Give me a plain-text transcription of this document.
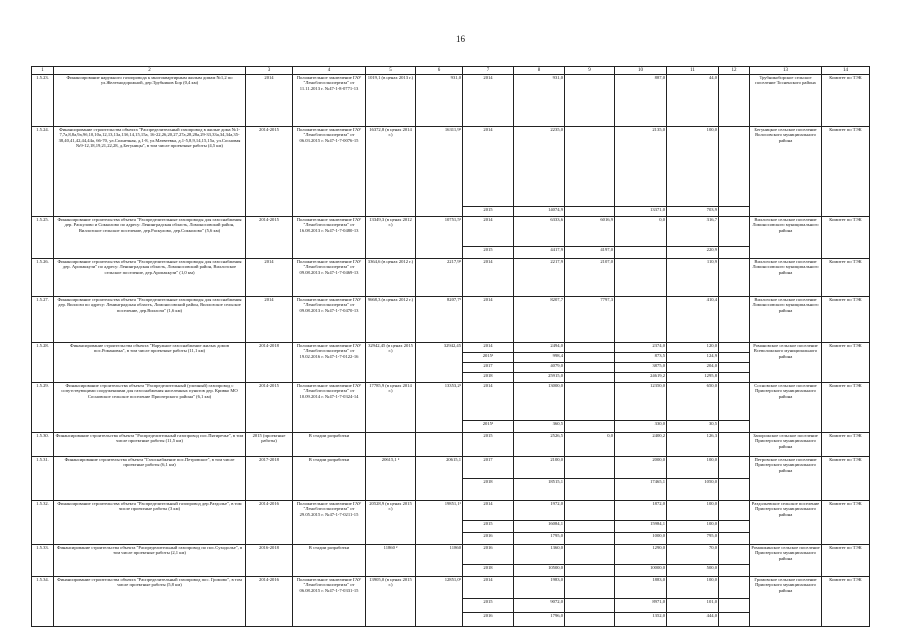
16
1	2	3	4	5	6	7	8	9	10	11	12	13	14
1.5.23.	Финансирование наружного газопровода к многоквартирным жилым домам №1,2 по ул.Железнодорожной, дер.Трубников Бор (0,4 км)	2014	Положительное заключение ГАУ "Леноблгосэкспертиза" от 11.11.2013 г. №47-1-8-0771-13	1019,1 (в ценах 2013 г.)	931,0	2014	931,0		887,0	44,0		Трубникоборское сельское поселение Тосненского района	Комитет по ТЭК
1.5.24.	Финансирование строительства объекта "Распределительный газопровод в жилые дома №1-7,7а,8,8а,9а,9б,10,10а,12,13,13а,13б,14,15,15а, 16-22,26,20,27,27а,28,28а,29-33,33а,34,34а,35-38,40,41,42,44,44а, 66-70, ул.Солнечная, д.1-8, ул.Матвеевка, д.1-5,8,9,14,15,15а, ул.Сосновая №9-12,18,19,21,22,28, д.Бегуницы", в том числе проектные работы (4,5 км)	2014-2015	Положительное заключение ГАУ "Леноблгосэкспертиза" от 06.03.2015 г. №47-1-7-0076-15	16372,8 (в ценах 2014 г.)	16311,9³	2014	2235,0		2135,0	100,0		Бегуницкое сельское поселение Волосовского муниципального района	Комитет по ТЭК
						2015	14074,9		13371,0	703,9			
1.5.25.	Финансирование строительства объекта "Распределительные газопроводы для газоснабжения дер. Раскулово и Сокколово по адресу: Ленинградская область, Ломоносовский район, Виллозское сельское поселение, дер.Раскулово, дер.Сокколово" (5,6 км)	2014-2015	Положительное заключение ГАУ "Леноблгосэкспертиза" от 16.08.2013 г. №47-1-7-0480-13	13349,3 (в ценах 2012 г.)	10751,5³	2014	6333,6	6016,9	0,0	316,7		Виллозское сельское поселение Ломоносовского муниципального района	Комитет по ТЭК
						2015	4417,9	4197,0		220,9			
1.5.26.	Финансирование строительства объекта "Распределительные газопроводы для газоснабжения дер. Аропаккузи" по адресу: Ленинградская область, Ломоносовский район, Виллозское сельское поселение, дер.Аропаккузи" (1,0 км)	2014	Положительное заключение ГАУ "Леноблгосэкспертиза" от 09.08.2013 г. №47-1-7-0469-13	3364,6 (в ценах 2012 г.)	2217,9³	2014	2217,9	2107,0		110,9		Виллозское сельское поселение Ломоносовского муниципального района	Комитет по ТЭК
1.5.27.	Финансирование строительства объекта "Распределительные газопроводы для газоснабжения дер. Виллози по адресу: Ленинградская область, Ломоносовский район, Виллозское сельское поселение, дер.Виллози" (1,6 км)	2014	Положительное заключение ГАУ "Леноблгосэкспертиза" от 09.08.2013 г. №47-1-7-0470-13	9668,3 (в ценах 2012 г.)	8207,7³	2014	8207,7	7797,3		410,4		Виллозское сельское поселение Ломоносовского муниципального района	Комитет по ТЭК
1.5.28.	Финансирование строительства объекта "Наружное газоснабжение жилых домов пос.Романовка", в том числе проектные работы (11,1 км)	2014-2018	Положительное заключение ГАУ "Леноблгосэкспертиза" от 19.02.2016 г. №47-1-7-0122-16	32942,45 (в ценах 2015 г.)	32942,45	2014	2494,0		2374,0	120,0		Романовское сельское поселение Всеволожского муниципального района	Комитет по ТЭК
						2015¹	998,4		873,5	124,9			
						2017	4079,0		3875,0	204,0			
						2018	25915,0		24619,2	1295,8			
1.5.29.	Финансирование строительства объекта "Распределительный (уличный) газопровод с сопутствующими сооружениями для газоснабжения населенных пунктов дер. Кривко МО Сосновское сельское поселение Приозерского района" (6,1 км)	2014-2015	Положительное заключение ГАУ "Леноблгосэкспертиза" от 10.09.2014 г. №47-1-7-0324-14	17785,9 (в ценах 2014 г.)	13353,2³	2014	13000,0		12350,0	650,0		Сосновское сельское поселение Приозерского муниципального района	Комитет по ТЭК
						2015¹	360,5		330,0	30,5			
1.5.30.	Финансирование строительства объекта "Распределительный газопровод пос.Пятиречье", в том числе проектные работы (11,5 км)	2015 (проектные работы)	В стадии разработки			2015	2526,5	0,0	2400,2	126,3		Запорожское сельское поселение Приозерского муниципального района	Комитет по ТЭК
1.5.31.	Финансирование строительства объекта "Газоснабжение пос.Петровское", в том числе проектные работы (6,1 км)	2017-2018	В стадии разработки	20615,1 ²	20615,1	2017	2100,0		2000,0	100,0		Петровское сельское поселение Приозерского муниципального района	Комитет по ТЭК
						2018	18515,1		17465,1	1050,0			
1.5.32.	Финансирование строительства объекта "Распределительный газопровод дер.Раздолье", в том числе проектные работы (3 км)	2014-2016	Положительное заключение ГАУ "Леноблгосэкспертиза" от 29.05.2015 г. №47-1-7-0211-15	20528,9 (в ценах 2015 г.)	19851,1³	2014	1972,0		1872,0	100,0		Раздольевское сельское поселение Приозерского муниципального района	Комитет по ТЭК
						2015	16084,1		15984,1	100,0			
						2016	1795,0		1000,0	795,0			
1.5.33.	Финансирование строительства объекта "Распределительный газопровод по пос.Суходолье", в том числе проектные работы (2,1 км)	2016-2018	В стадии разработки	11860 ²	11860	2016	1360,0		1290,0	70,0		Ромашкинское сельское поселение Приозерского муниципального района	Комитет по ТЭК
						2018	10500,0		10000,0	500,0			
1.5.34.	Финансирование строительства объекта "Распределительный газопровод пос. Громово", в том числе проектные работы (5,8 км)	2014-2016	Положительное заключение ГАУ "Леноблгосэкспертиза" от 06.08.2015 г. №47-1-7-0331-15	13905,0 (в ценах 2015 г.)	12851,0³	2014	1983,0		1883,0	100,0		Громовское сельское поселение Приозерского муниципального района	Комитет по ТЭК
						2015	9072,0		8971,0	101,0			
						2016	1796,0		1352,0	444,0			
